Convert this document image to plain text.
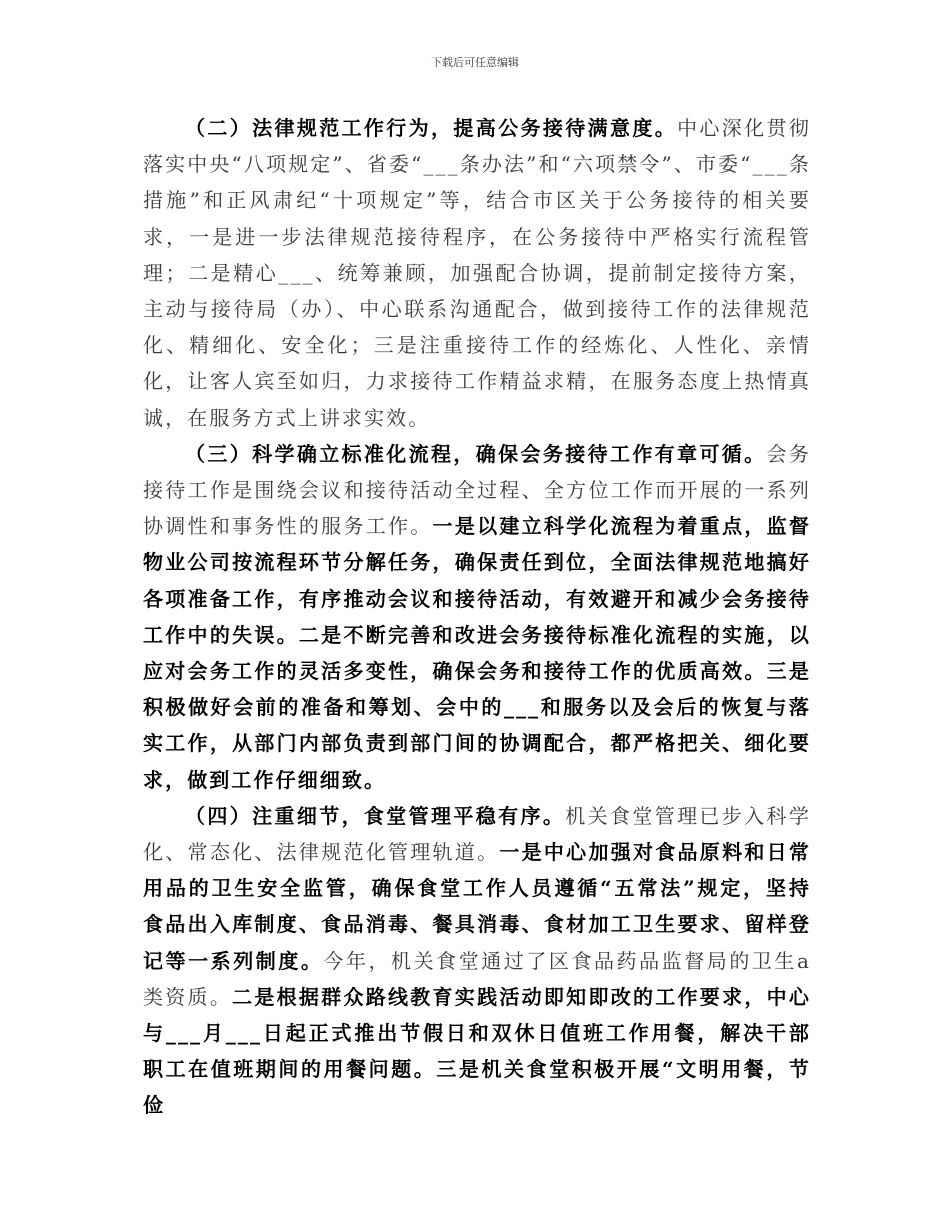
下载后可任意编辑

（二）法律规范工作行为，提高公务接待满意度。中心深化贯彻落实中央“八项规定”、省委“___条办法”和“六项禁令”、市委“___条措施”和正风肃纪“十项规定”等，结合市区关于公务接待的相关要求，一是进一步法律规范接待程序，在公务接待中严格实行流程管理；二是精心___、统筹兼顾，加强配合协调，提前制定接待方案，主动与接待局（办）、中心联系沟通配合，做到接待工作的法律规范化、精细化、安全化；三是注重接待工作的经炼化、人性化、亲情化，让客人宾至如归，力求接待工作精益求精，在服务态度上热情真诚，在服务方式上讲求实效。

（三）科学确立标准化流程，确保会务接待工作有章可循。会务接待工作是围绕会议和接待活动全过程、全方位工作而开展的一系列协调性和事务性的服务工作。一是以建立科学化流程为着重点，监督物业公司按流程环节分解任务，确保责任到位，全面法律规范地搞好各项准备工作，有序推动会议和接待活动，有效避开和减少会务接待工作中的失误。二是不断完善和改进会务接待标准化流程的实施，以应对会务工作的灵活多变性，确保会务和接待工作的优质高效。三是积极做好会前的准备和筹划、会中的___和服务以及会后的恢复与落实工作，从部门内部负责到部门间的协调配合，都严格把关、细化要求，做到工作仔细细致。

（四）注重细节，食堂管理平稳有序。机关食堂管理已步入科学化、常态化、法律规范化管理轨道。一是中心加强对食品原料和日常用品的卫生安全监管，确保食堂工作人员遵循“五常法”规定，坚持食品出入库制度、食品消毒、餐具消毒、食材加工卫生要求、留样登记等一系列制度。今年，机关食堂通过了区食品药品监督局的卫生a类资质。二是根据群众路线教育实践活动即知即改的工作要求，中心与___月___日起正式推出节假日和双休日值班工作用餐，解决干部职工在值班期间的用餐问题。三是机关食堂积极开展“文明用餐，节俭
